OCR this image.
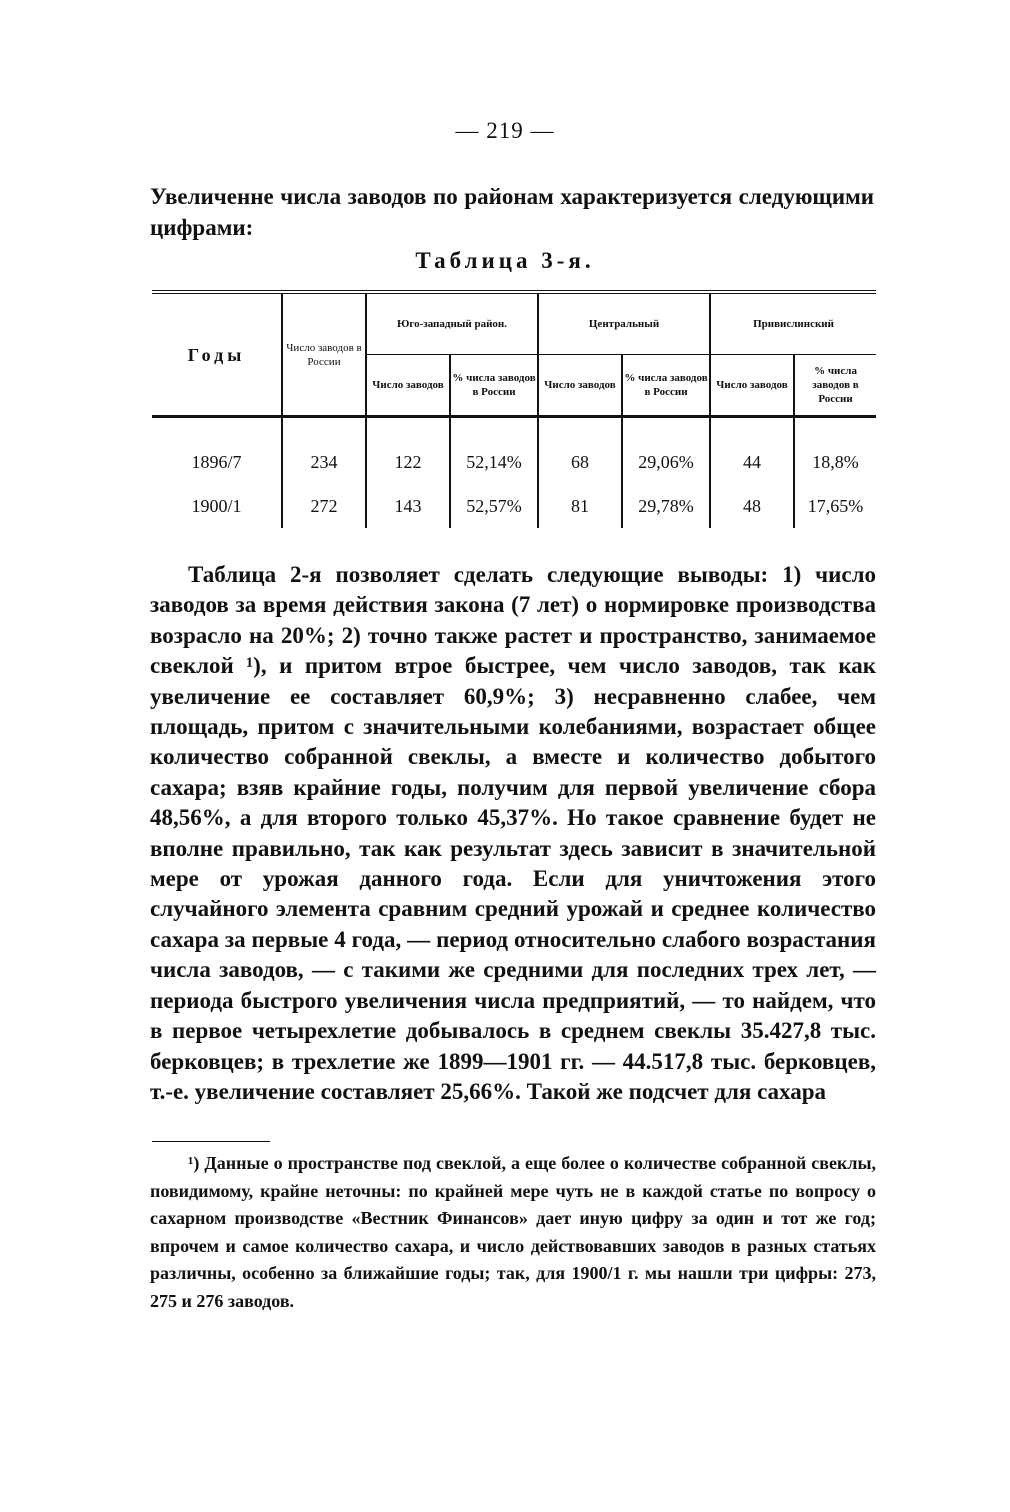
— 219 —
Увеличенне числа заводов по районам характеризуется следующими цифрами:
Таблица 3-я.
Годы	Число заводов в России	Юго-западный район.		Центральный		Привислинский	
		Число заводов	% числа заводов в России	Число заводов	% числа заводов в России	Число заводов	% числа заводов в России
1896/7	234	122	52,14%	68	29,06%	44	18,8%
1900/1	272	143	52,57%	81	29,78%	48	17,65%
Таблица 2-я позволяет сделать следующие выводы: 1) число заводов за время действия закона (7 лет) о нормировке производства возрасло на 20%; 2) точно также растет и пространство, занимаемое свеклой ¹), и притом втрое быстрее, чем число заводов, так как увеличение ее составляет 60,9%; 3) несравненно слабее, чем площадь, притом с значительными колебаниями, возрастает общее количество собранной свеклы, а вместе и количество добытого сахара; взяв крайние годы, получим для первой увеличение сбора 48,56%, а для второго только 45,37%. Но такое сравнение будет не вполне правильно, так как результат здесь зависит в значительной мере от урожая данного года. Если для уничтожения этого случайного элемента сравним средний урожай и среднее количество сахара за первые 4 года, — период относительно слабого возрастания числа заводов, — с такими же средними для последних трех лет, — периода быстрого увеличения числа предприятий, — то найдем, что в первое четырехлетие добывалось в среднем свеклы 35.427,8 тыс. берковцев; в трехлетие же 1899—1901 гг. — 44.517,8 тыс. берковцев, т.-е. увеличение составляет 25,66%. Такой же подсчет для сахара
¹) Данные о пространстве под свеклой, а еще более о количестве собранной свеклы, повидимому, крайне неточны: по крайней мере чуть не в каждой статье по вопросу о сахарном производстве «Вестник Финансов» дает иную цифру за один и тот же год; впрочем и самое количество сахара, и число действовавших заводов в разных статьях различны, особенно за ближайшие годы; так, для 1900/1 г. мы нашли три цифры: 273, 275 и 276 заводов.
